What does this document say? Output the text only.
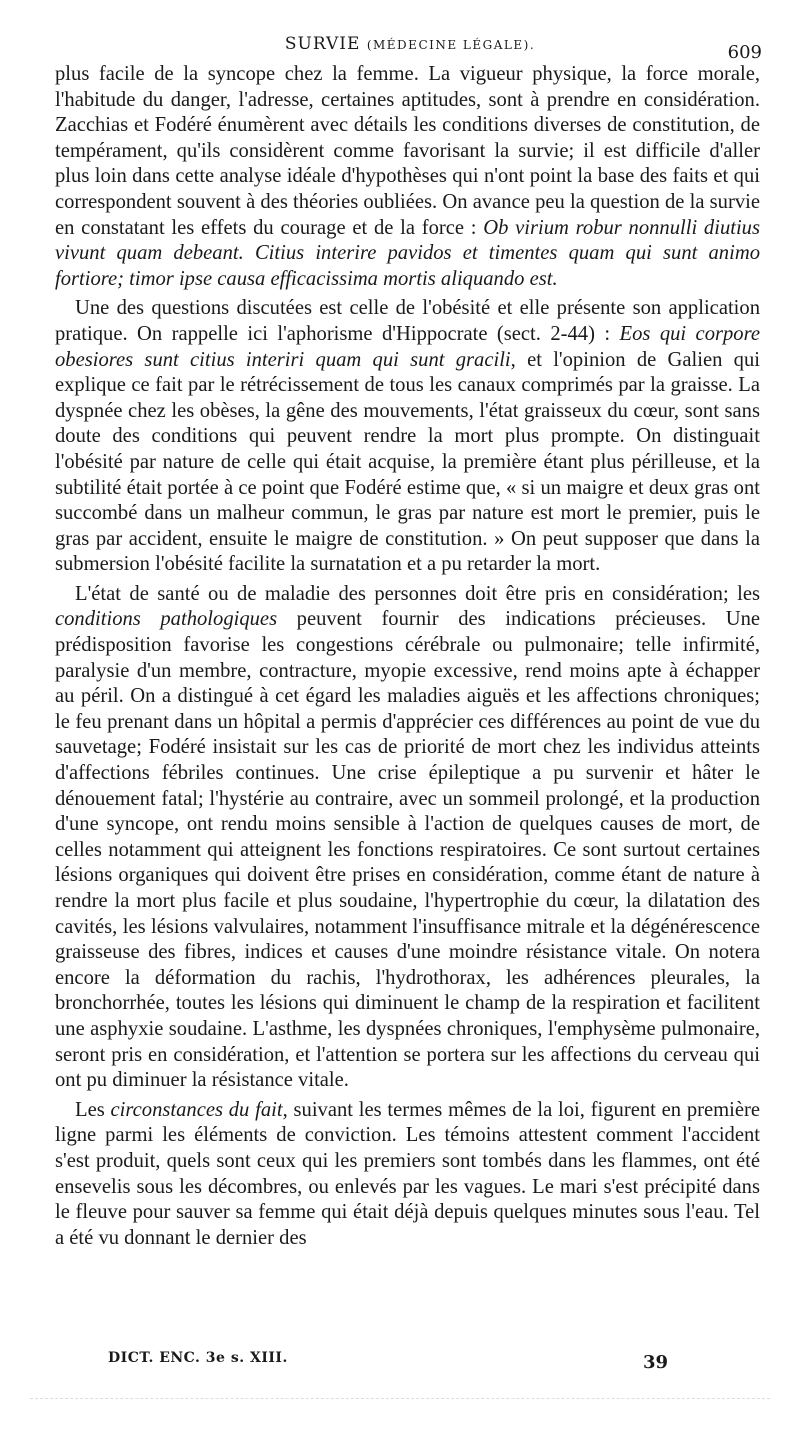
SURVIE (MÉDECINE LÉGALE).	609

plus facile de la syncope chez la femme. La vigueur physique, la force morale, l'habitude du danger, l'adresse, certaines aptitudes, sont à prendre en considération. Zacchias et Fodéré énumèrent avec détails les conditions diverses de constitution, de tempérament, qu'ils considèrent comme favorisant la survie; il est difficile d'aller plus loin dans cette analyse idéale d'hypothèses qui n'ont point la base des faits et qui correspondent souvent à des théories oubliées. On avance peu la question de la survie en constatant les effets du courage et de la force : Ob virium robur nonnulli diutius vivunt quam debeant. Citius interire pavidos et timentes quam qui sunt animo fortiore; timor ipse causa efficacissima mortis aliquando est.

Une des questions discutées est celle de l'obésité et elle présente son application pratique. On rappelle ici l'aphorisme d'Hippocrate (sect. 2-44) : Eos qui corpore obesiores sunt citius interiri quam qui sunt gracili, et l'opinion de Galien qui explique ce fait par le rétrécissement de tous les canaux comprimés par la graisse. La dyspnée chez les obèses, la gêne des mouvements, l'état graisseux du cœur, sont sans doute des conditions qui peuvent rendre la mort plus prompte. On distinguait l'obésité par nature de celle qui était acquise, la première étant plus périlleuse, et la subtilité était portée à ce point que Fodéré estime que, « si un maigre et deux gras ont succombé dans un malheur commun, le gras par nature est mort le premier, puis le gras par accident, ensuite le maigre de constitution. » On peut supposer que dans la submersion l'obésité facilite la surnatation et a pu retarder la mort.

L'état de santé ou de maladie des personnes doit être pris en considération; les conditions pathologiques peuvent fournir des indications précieuses. Une prédisposition favorise les congestions cérébrale ou pulmonaire; telle infirmité, paralysie d'un membre, contracture, myopie excessive, rend moins apte à échapper au péril. On a distingué à cet égard les maladies aiguës et les affections chroniques; le feu prenant dans un hôpital a permis d'apprécier ces différences au point de vue du sauvetage; Fodéré insistait sur les cas de priorité de mort chez les individus atteints d'affections fébriles continues. Une crise épileptique a pu survenir et hâter le dénouement fatal; l'hystérie au contraire, avec un sommeil prolongé, et la production d'une syncope, ont rendu moins sensible à l'action de quelques causes de mort, de celles notamment qui atteignent les fonctions respiratoires. Ce sont surtout certaines lésions organiques qui doivent être prises en considération, comme étant de nature à rendre la mort plus facile et plus soudaine, l'hypertrophie du cœur, la dilatation des cavités, les lésions valvulaires, notamment l'insuffisance mitrale et la dégénérescence graisseuse des fibres, indices et causes d'une moindre résistance vitale. On notera encore la déformation du rachis, l'hydrothorax, les adhérences pleurales, la bronchorrhée, toutes les lésions qui diminuent le champ de la respiration et facilitent une asphyxie soudaine. L'asthme, les dyspnées chroniques, l'emphysème pulmonaire, seront pris en considération, et l'attention se portera sur les affections du cerveau qui ont pu diminuer la résistance vitale.

Les circonstances du fait, suivant les termes mêmes de la loi, figurent en première ligne parmi les éléments de conviction. Les témoins attestent comment l'accident s'est produit, quels sont ceux qui les premiers sont tombés dans les flammes, ont été ensevelis sous les décombres, ou enlevés par les vagues. Le mari s'est précipité dans le fleuve pour sauver sa femme qui était déjà depuis quelques minutes sous l'eau. Tel a été vu donnant le dernier des

DICT. ENC. 3e s. XIII.	39
